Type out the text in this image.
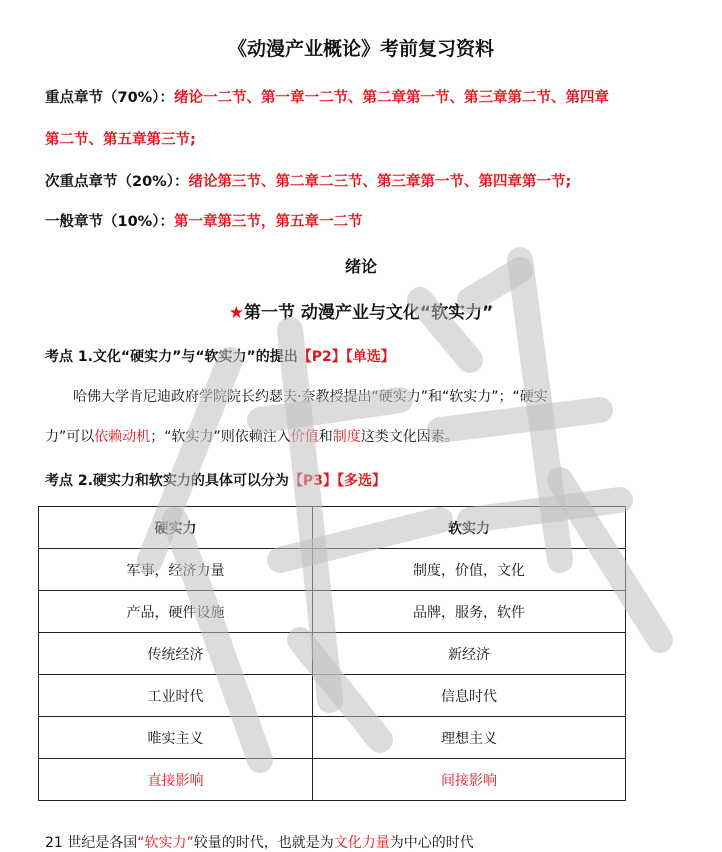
《动漫产业概论》考前复习资料
重点章节（70%）：绪论一二节、第一章一二节、第二章第一节、第三章第二节、第四章
第二节、第五章第三节;
次重点章节（20%）：绪论第三节、第二章二三节、第三章第一节、第四章第一节;
一般章节（10%）：第一章第三节，第五章一二节
绪论
★第一节 动漫产业与文化“软实力”
考点 1.文化“硬实力”与“软实力”的提出【P2】【单选】
哈佛大学肯尼迪政府学院院长约瑟夫·奈教授提出“硬实力”和“软实力”；“硬实
力”可以依赖动机；“软实力”则依赖注入价值和制度这类文化因素。
考点 2.硬实力和软实力的具体可以分为【P3】【多选】
硬实力	软实力
军事，经济力量	制度，价值，文化
产品，硬件设施	品牌，服务，软件
传统经济	新经济
工业时代	信息时代
唯实主义	理想主义
直接影响	间接影响
21 世纪是各国“软实力”较量的时代，也就是为文化力量为中心的时代
